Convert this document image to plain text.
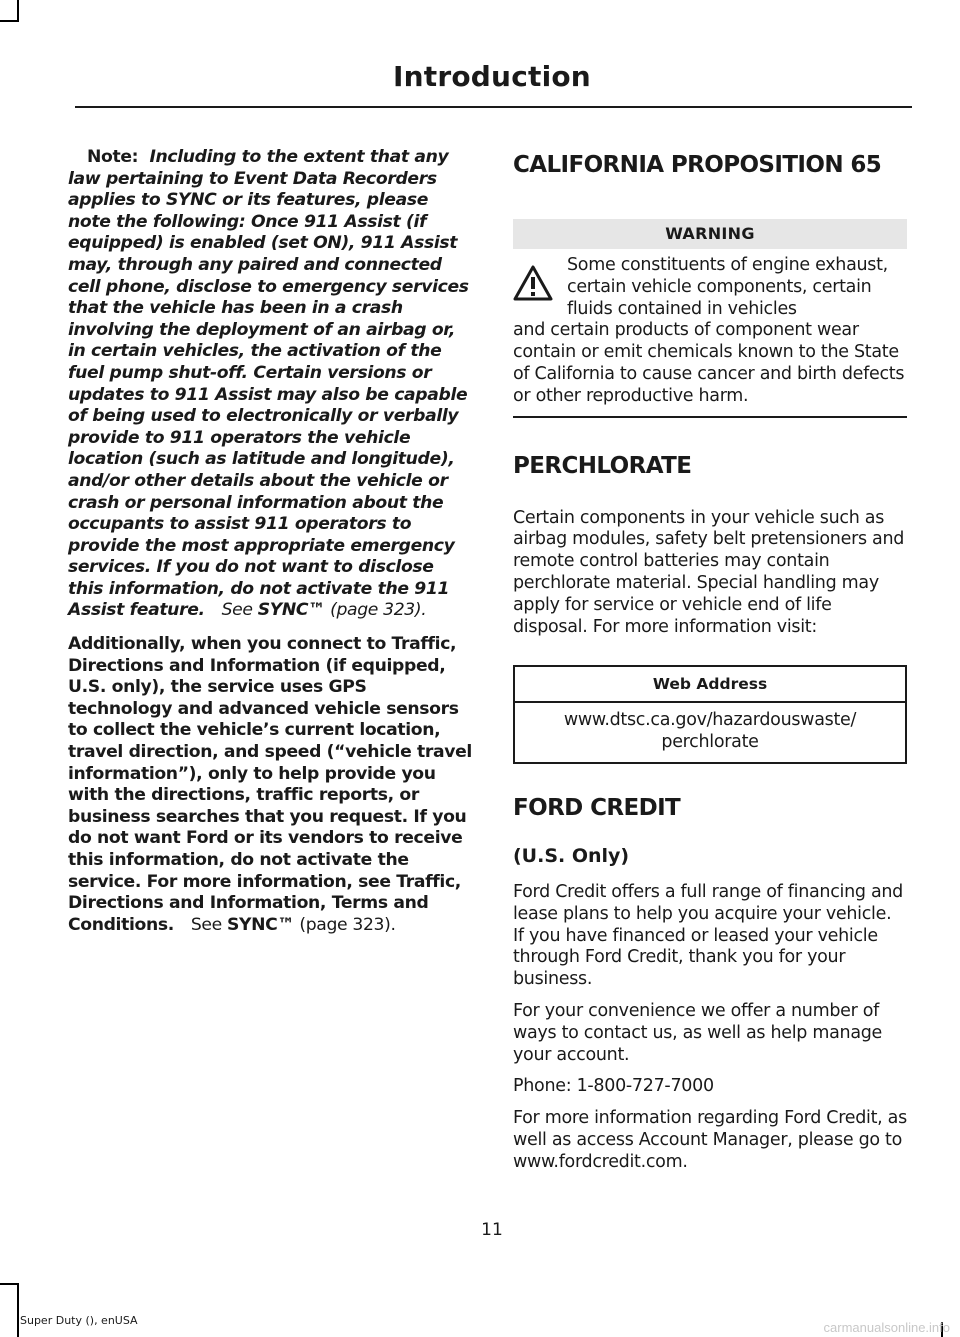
Introduction

Note: Including to the extent that any law pertaining to Event Data Recorders applies to SYNC or its features, please note the following: Once 911 Assist (if equipped) is enabled (set ON), 911 Assist may, through any paired and connected cell phone, disclose to emergency services that the vehicle has been in a crash involving the deployment of an airbag or, in certain vehicles, the activation of the fuel pump shut-off. Certain versions or updates to 911 Assist may also be capable of being used to electronically or verbally provide to 911 operators the vehicle location (such as latitude and longitude), and/or other details about the vehicle or crash or personal information about the occupants to assist 911 operators to provide the most appropriate emergency services. If you do not want to disclose this information, do not activate the 911 Assist feature. See SYNC™ (page 323).

Additionally, when you connect to Traffic, Directions and Information (if equipped, U.S. only), the service uses GPS technology and advanced vehicle sensors to collect the vehicle’s current location, travel direction, and speed (“vehicle travel information”), only to help provide you with the directions, traffic reports, or business searches that you request. If you do not want Ford or its vendors to receive this information, do not activate the service. For more information, see Traffic, Directions and Information, Terms and Conditions. See SYNC™ (page 323).

CALIFORNIA PROPOSITION 65
WARNING
Some constituents of engine exhaust, certain vehicle components, certain fluids contained in vehicles
and certain products of component wear contain or emit chemicals known to the State of California to cause cancer and birth defects or other reproductive harm.
PERCHLORATE

Certain components in your vehicle such as airbag modules, safety belt pretensioners and remote control batteries may contain perchlorate material. Special handling may apply for service or vehicle end of life disposal. For more information visit:

Web Address
www.dtsc.ca.gov/hazardouswaste/
perchlorate
FORD CREDIT
(U.S. Only)

Ford Credit offers a full range of financing and lease plans to help you acquire your vehicle. If you have financed or leased your vehicle through Ford Credit, thank you for your business.

For your convenience we offer a number of ways to contact us, as well as help manage your account.

Phone: 1-800-727-7000

For more information regarding Ford Credit, as well as access Account Manager, please go to www.fordcredit.com.

11
Super Duty (), enUSA	carmanualsonline.info
